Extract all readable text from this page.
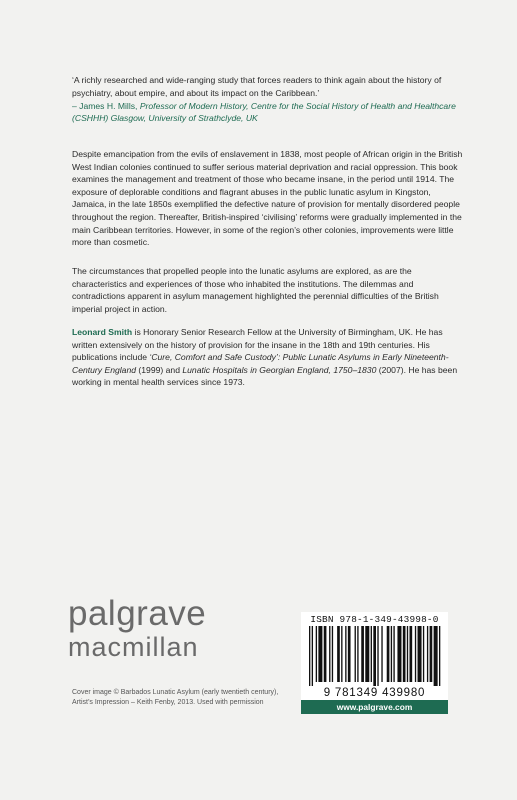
‘A richly researched and wide-ranging study that forces readers to think again about the history of psychiatry, about empire, and about its impact on the Caribbean.’
– James H. Mills, Professor of Modern History, Centre for the Social History of Health and Healthcare (CSHHH) Glasgow, University of Strathclyde, UK

Despite emancipation from the evils of enslavement in 1838, most people of African origin in the British West Indian colonies continued to suffer serious material deprivation and racial oppression. This book examines the management and treatment of those who became insane, in the period until 1914. The exposure of deplorable conditions and flagrant abuses in the public lunatic asylum in Kingston, Jamaica, in the late 1850s exemplified the defective nature of provision for mentally disordered people throughout the region. Thereafter, British-inspired ‘civilising’ reforms were gradually implemented in the main Caribbean territories. However, in some of the region’s other colonies, improvements were little more than cosmetic.

The circumstances that propelled people into the lunatic asylums are explored, as are the characteristics and experiences of those who inhabited the institutions. The dilemmas and contradictions apparent in asylum management highlighted the perennial difficulties of the British imperial project in action.

Leonard Smith is Honorary Senior Research Fellow at the University of Birmingham, UK. He has written extensively on the history of provision for the insane in the 18th and 19th centuries. His publications include ‘Cure, Comfort and Safe Custody’: Public Lunatic Asylums in Early Nineteenth-Century England (1999) and Lunatic Hospitals in Georgian England, 1750–1830 (2007). He has been working in mental health services since 1973.

palgrave
macmillan
Cover image © Barbados Lunatic Asylum (early twentieth century), Artist’s Impression – Keith Fenby, 2013. Used with permission
ISBN 978-1-349-43998-0
9 781349 439980
www.palgrave.com
